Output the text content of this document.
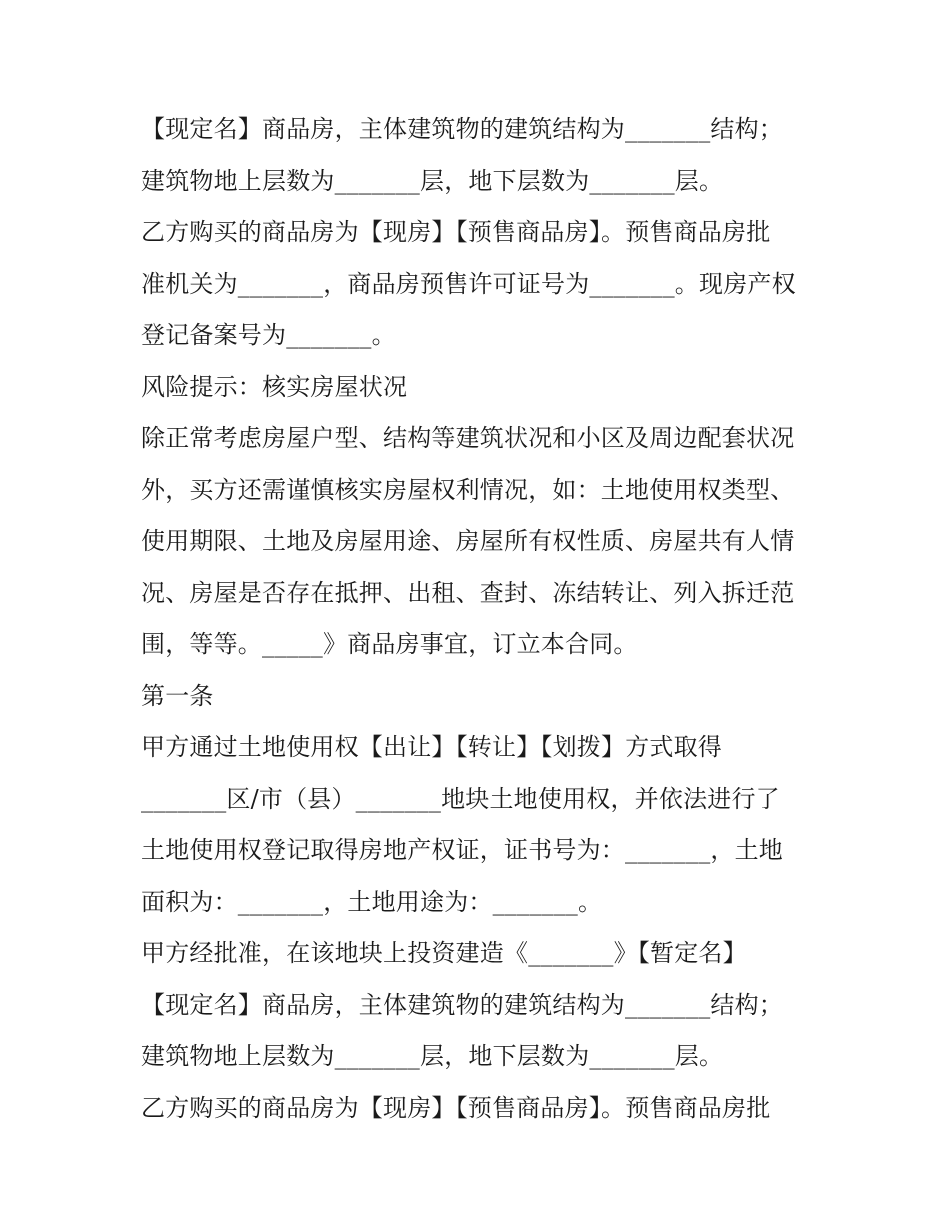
【现定名】商品房，主体建筑物的建筑结构为_______结构；
建筑物地上层数为_______层，地下层数为_______层。
乙方购买的商品房为【现房】【预售商品房】。预售商品房批
准机关为_______，商品房预售许可证号为_______。现房产权
登记备案号为_______。
风险提示：核实房屋状况
除正常考虑房屋户型、结构等建筑状况和小区及周边配套状况
外，买方还需谨慎核实房屋权利情况，如：土地使用权类型、
使用期限、土地及房屋用途、房屋所有权性质、房屋共有人情
况、房屋是否存在抵押、出租、查封、冻结转让、列入拆迁范
围，等等。_____》商品房事宜，订立本合同。
第一条
甲方通过土地使用权【出让】【转让】【划拨】方式取得
_______区/市（县）_______地块土地使用权，并依法进行了
土地使用权登记取得房地产权证，证书号为：_______，土地
面积为：_______，土地用途为：_______。
甲方经批准，在该地块上投资建造《_______》【暂定名】
【现定名】商品房，主体建筑物的建筑结构为_______结构；
建筑物地上层数为_______层，地下层数为_______层。
乙方购买的商品房为【现房】【预售商品房】。预售商品房批
